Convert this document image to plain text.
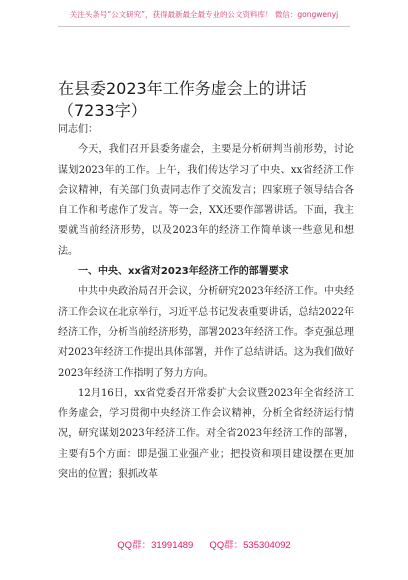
关注头条号“公文研究”，获得最新最全最专业的公文资料库！ 微信：gongwenyj
在县委2023年工作务虚会上的讲话（7233字）

同志们：

今天，我们召开县委务虚会，主要是分析研判当前形势，讨论谋划2023年的工作。上午，我们传达学习了中央、xx省经济工作会议精神，有关部门负责同志作了交流发言；四家班子领导结合各自工作和考虑作了发言。等一会，XX还要作部署讲话。下面，我主要就当前经济形势，以及2023年的经济工作简单谈一些意见和想法。

一、中央、xx省对2023年经济工作的部署要求

中共中央政治局召开会议，分析研究2023年经济工作。中央经济工作会议在北京举行，习近平总书记发表重要讲话，总结2022年经济工作，分析当前经济形势，部署2023年经济工作。李克强总理对2023年经济工作提出具体部署，并作了总结讲话。这为我们做好2023年经济工作指明了努力方向。

12月16日，xx省党委召开常委扩大会议暨2023年全省经济工作务虚会，学习贯彻中央经济工作会议精神，分析全省经济运行情况，研究谋划2023年经济工作。对全省2023年经济工作的部署，主要有5个方面：即是强工业强产业；把投资和项目建设摆在更加突出的位置；狠抓改革

QQ群：31991489 QQ群：535304092
